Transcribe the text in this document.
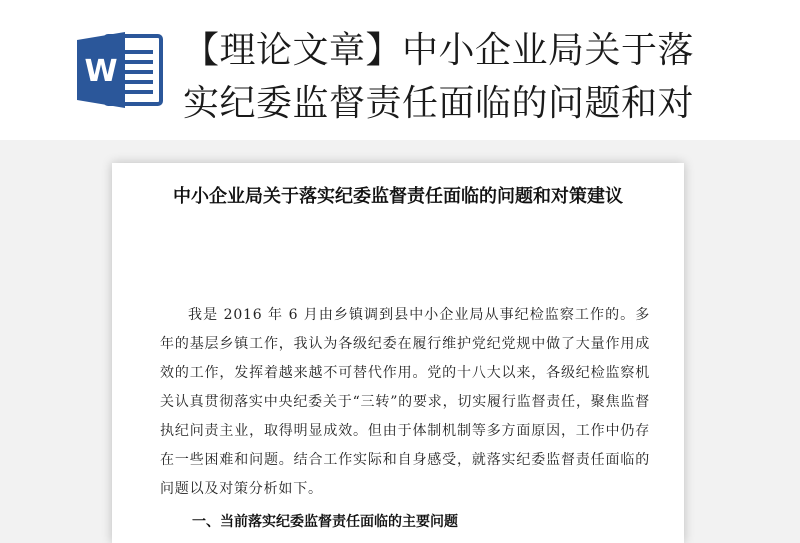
W
【理论文章】中小企业局关于落
实纪委监督责任面临的问题和对
中小企业局关于落实纪委监督责任面临的问题和对策建议
我是 2016 年 6 月由乡镇调到县中小企业局从事纪检监察工作的。多年的基层乡镇工作，我认为各级纪委在履行维护党纪党规中做了大量作用成效的工作，发挥着越来越不可替代作用。党的十八大以来，各级纪检监察机关认真贯彻落实中央纪委关于“三转”的要求，切实履行监督责任，聚焦监督执纪问责主业，取得明显成效。但由于体制机制等多方面原因，工作中仍存在一些困难和问题。结合工作实际和自身感受，就落实纪委监督责任面临的问题以及对策分析如下。
一、当前落实纪委监督责任面临的主要问题
